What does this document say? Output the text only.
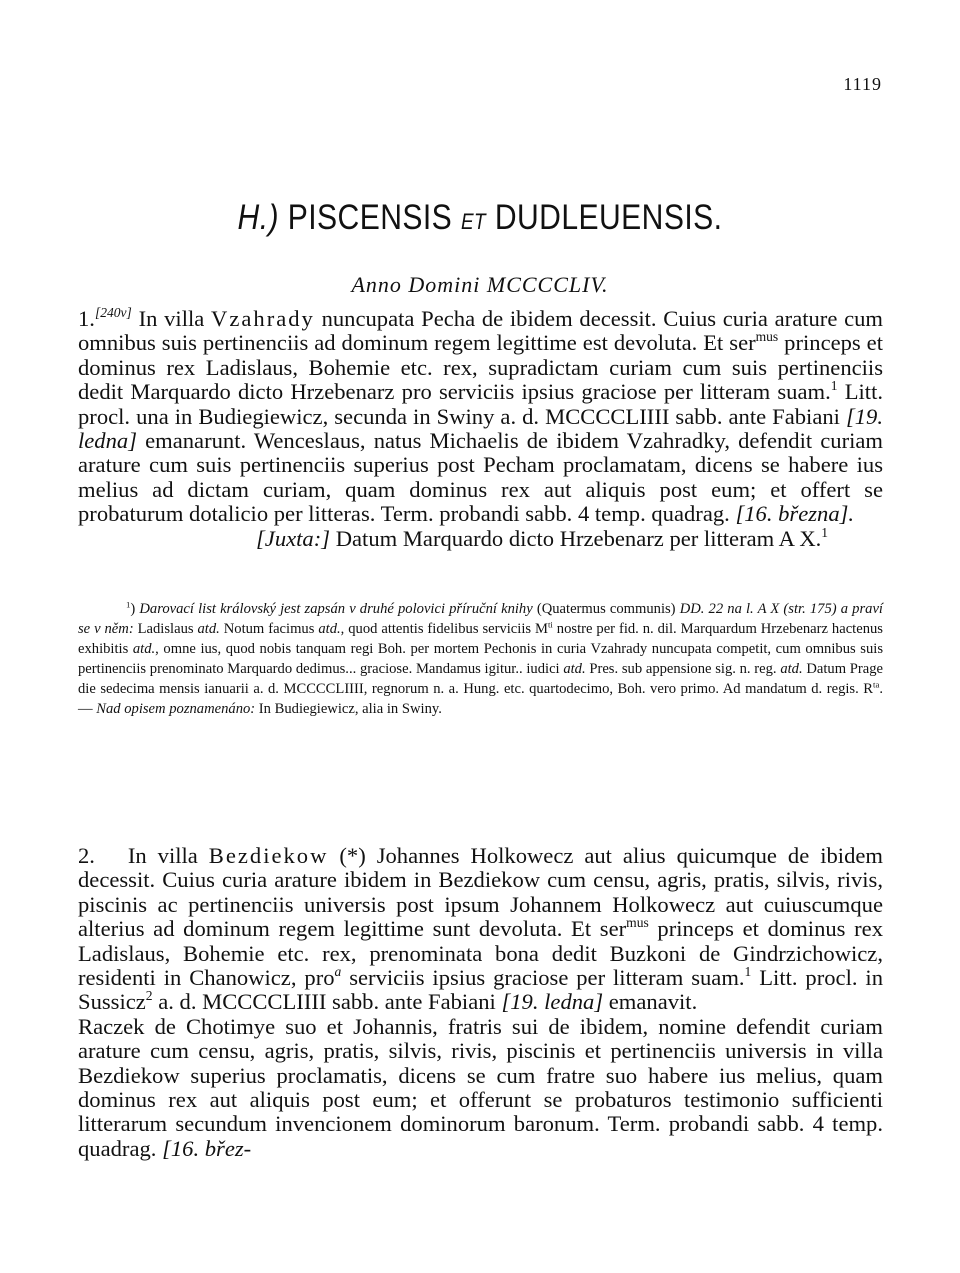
1119
H.) PISCENSIS ET DUDLEUENSIS.
Anno Domini MCCCCLIV.

1.[240v] In villa Vzahrady nuncupata Pecha de ibidem decessit. Cuius curia arature cum omnibus suis pertinenciis ad dominum regem legittime est devoluta. Et ser$^{mus}$ princeps et dominus rex Ladislaus, Bohemie etc. rex, supradictam curiam cum suis pertinenciis dedit Marquardo dicto Hrzebenarz pro serviciis ipsius graciose per litteram suam.$^1$ Litt. procl. una in Budiegiewicz, secunda in Swiny a. d. MCCCCLIIII sabb. ante Fabiani [19. ledna] emanarunt. Wenceslaus, natus Michaelis de ibidem Vzahradky, defendit curiam arature cum suis pertinenciis superius post Pecham proclamatam, dicens se habere ius melius ad dictam curiam, quam dominus rex aut aliquis post eum; et offert se probaturum dotalicio per litteras. Term. probandi sabb. 4 temp. quadrag. [16. března].

[Juxta:] Datum Marquardo dicto Hrzebenarz per litteram A X.$^1$

$^1$) Darovací list královský jest zapsán v druhé polovici příruční knihy (Quatermus communis) DD. 22 na l. A X (str. 175) a praví se v něm: Ladislaus atd. Notum facimus atd., quod attentis fidelibus serviciis $M^{ti}$ nostre per fid. n. dil. Marquardum Hrzebenarz hactenus exhibitis atd., omne ius, quod nobis tanquam regi Boh. per mortem Pechonis in curia Vzahrady nuncupata competit, cum omnibus suis pertinenciis prenominato Marquardo dedimus... graciose. Mandamus igitur.. iudici atd. Pres. sub appensione sig. n. reg. atd. Datum Prage die sedecima mensis ianuarii a. d. MCCCCLIIII, regnorum n. a. Hung. etc. quartodecimo, Boh. vero primo. Ad mandatum d. regis. $R^{ta}$. — Nad opisem poznamenáno: In Budiegiewicz, alia in Swiny.

2.   In villa Bezdiekow (*) Johannes Holkowecz aut alius quicumque de ibidem decessit. Cuius curia arature ibidem in Bezdiekow cum censu, agris, pratis, silvis, rivis, piscinis ac pertinenciis universis post ipsum Johannem Holkowecz aut cuiuscumque alterius ad dominum regem legittime sunt devoluta. Et ser$^{mus}$ princeps et dominus rex Ladislaus, Bohemie etc. rex, prenominata bona dedit Buzkoni de Gindrzichowicz, residenti in Chanowicz, pro$^a$ serviciis ipsius graciose per litteram suam.$^1$ Litt. procl. in Sussicz$^2$ a. d. MCCCCLIIII sabb. ante Fabiani [19. ledna] emanavit.

Raczek de Chotimye suo et Johannis, fratris sui de ibidem, nomine defendit curiam arature cum censu, agris, pratis, silvis, rivis, piscinis et pertinenciis universis in villa Bezdiekow superius proclamatis, dicens se cum fratre suo habere ius melius, quam dominus rex aut aliquis post eum; et offerunt se probaturos testimonio sufficienti litterarum secundum invencionem dominorum baronum. Term. probandi sabb. 4 temp. quadrag. [16. břez-
